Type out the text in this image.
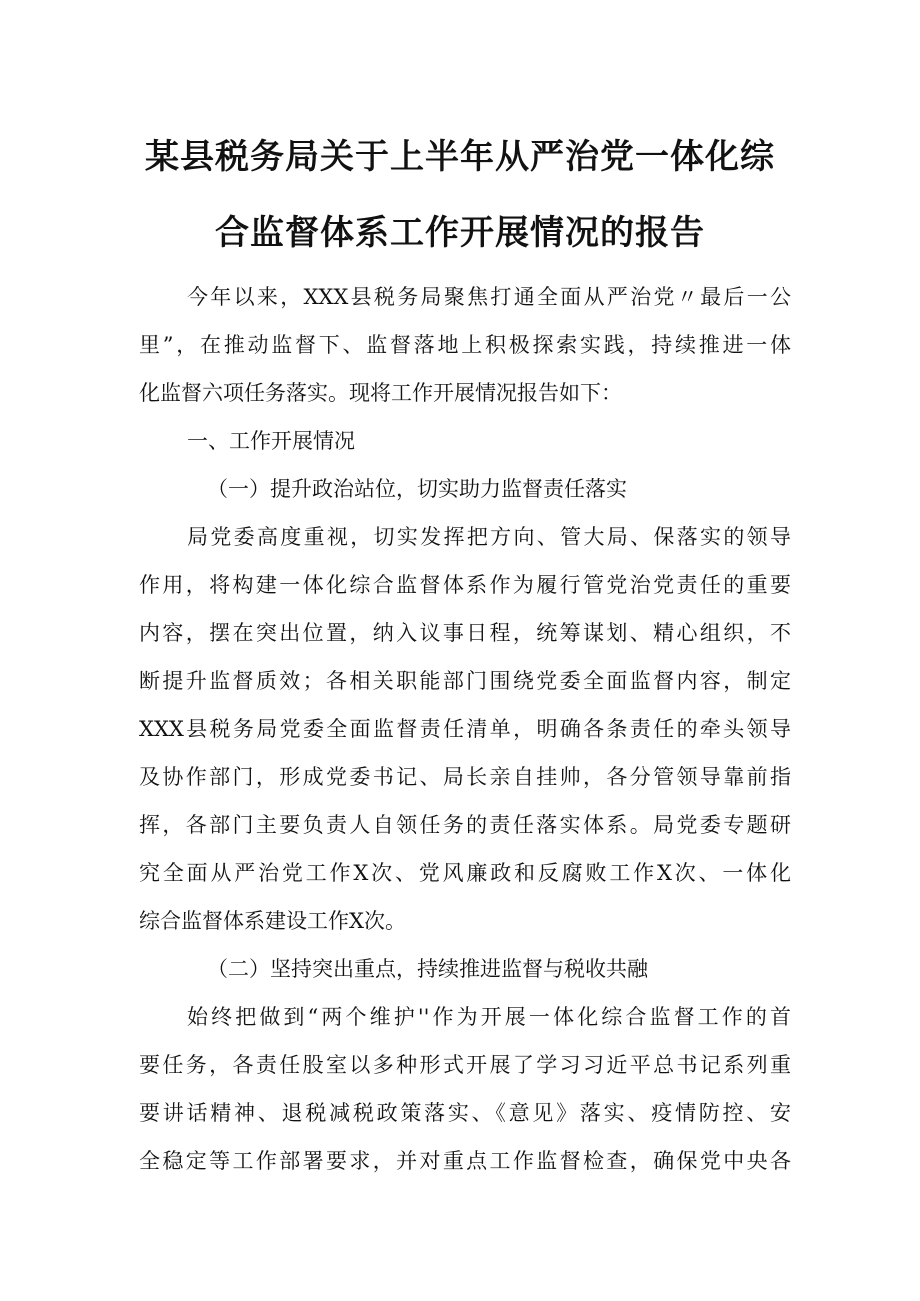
某县税务局关于上半年从严治党一体化综
合监督体系工作开展情况的报告
今年以来，XXX县税务局聚焦打通全面从严治党〃最后一公
里”，在推动监督下、监督落地上积极探索实践，持续推进一体
化监督六项任务落实。现将工作开展情况报告如下：
一、工作开展情况
（一）提升政治站位，切实助力监督责任落实
局党委高度重视，切实发挥把方向、管大局、保落实的领导
作用，将构建一体化综合监督体系作为履行管党治党责任的重要
内容，摆在突出位置，纳入议事日程，统筹谋划、精心组织，不
断提升监督质效；各相关职能部门围绕党委全面监督内容，制定
XXX县税务局党委全面监督责任清单，明确各条责任的牵头领导
及协作部门，形成党委书记、局长亲自挂帅，各分管领导靠前指
挥，各部门主要负责人自领任务的责任落实体系。局党委专题研
究全面从严治党工作X次、党风廉政和反腐败工作X次、一体化
综合监督体系建设工作X次。
（二）坚持突出重点，持续推进监督与税收共融
始终把做到“两个维护''作为开展一体化综合监督工作的首
要任务，各责任股室以多种形式开展了学习习近平总书记系列重
要讲话精神、退税减税政策落实、《意见》落实、疫情防控、安
全稳定等工作部署要求，并对重点工作监督检查，确保党中央各
